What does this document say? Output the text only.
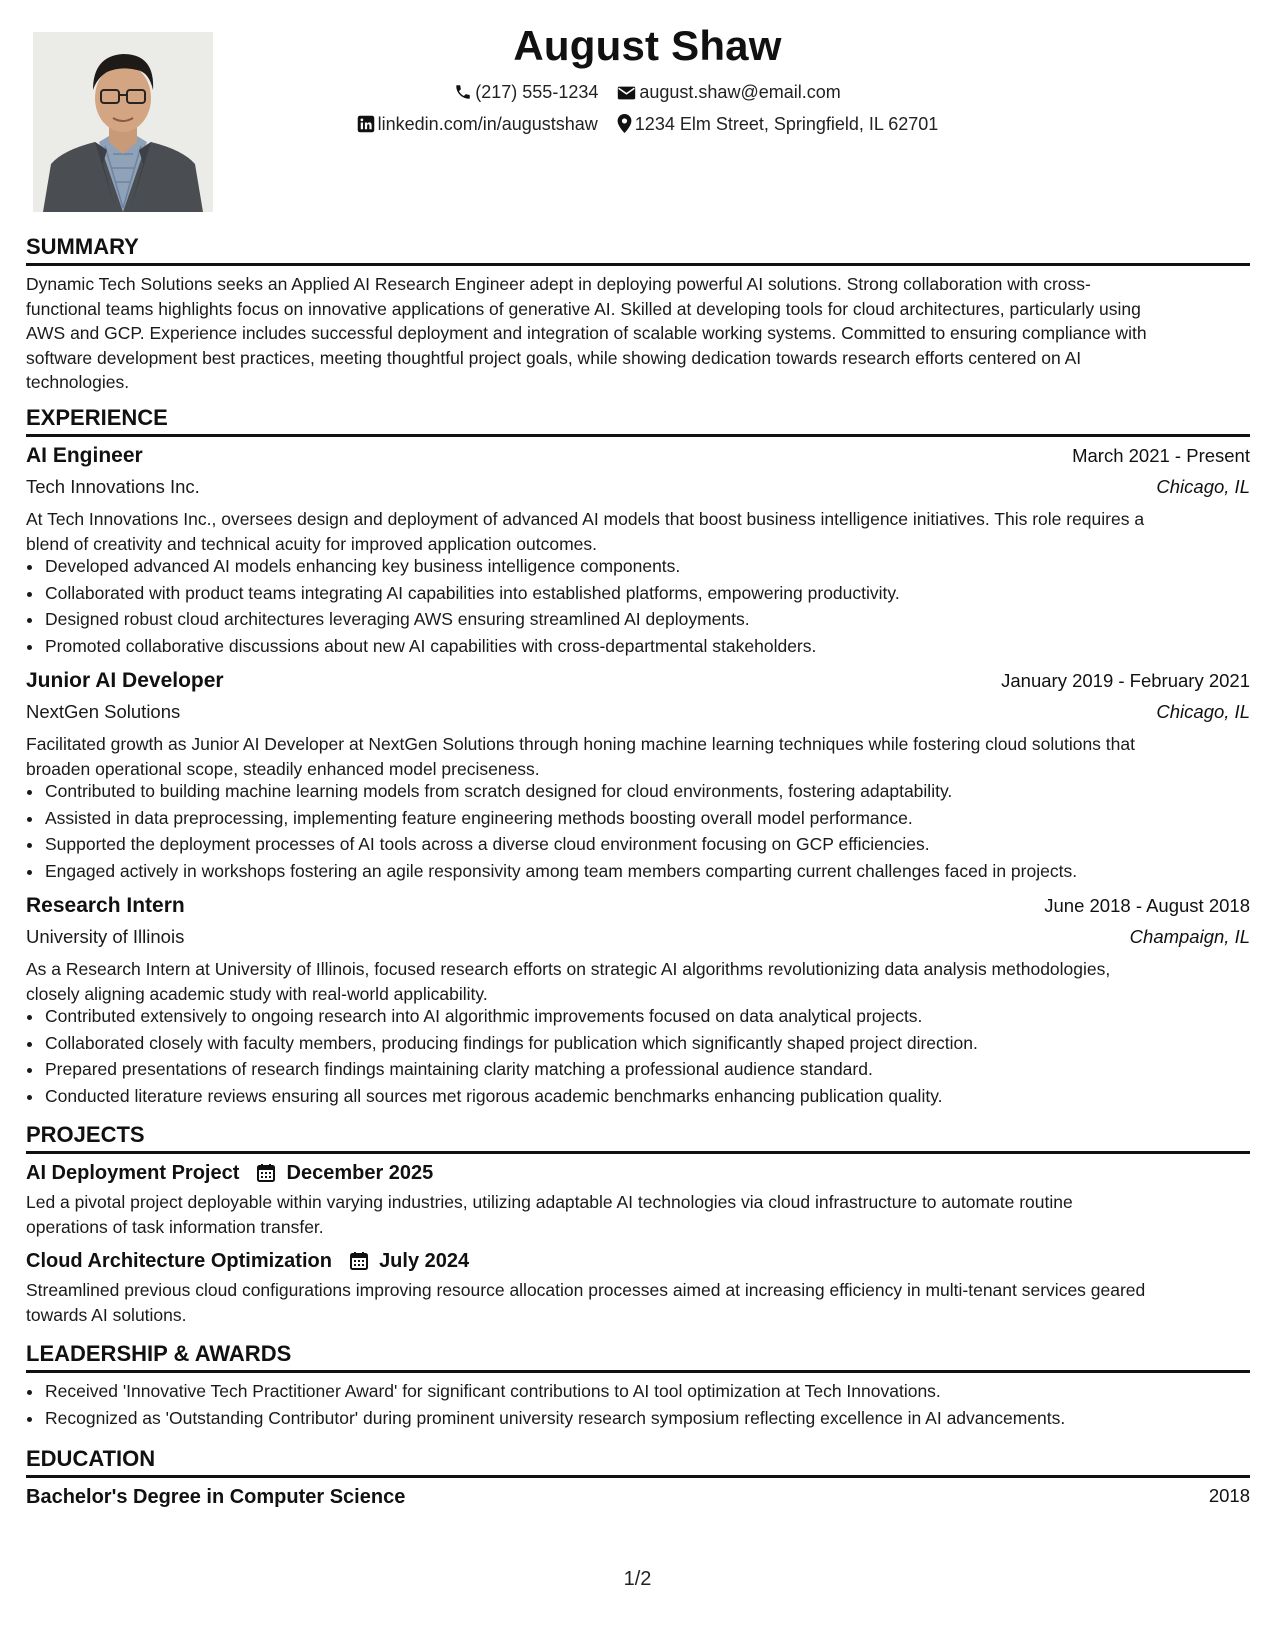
August Shaw
(217) 555-1234 august.shaw@email.com
linkedin.com/in/augustshaw 1234 Elm Street, Springfield, IL 62701
SUMMARY
Dynamic Tech Solutions seeks an Applied AI Research Engineer adept in deploying powerful AI solutions. Strong collaboration with cross-
functional teams highlights focus on innovative applications of generative AI. Skilled at developing tools for cloud architectures, particularly using
AWS and GCP. Experience includes successful deployment and integration of scalable working systems. Committed to ensuring compliance with
software development best practices, meeting thoughtful project goals, while showing dedication towards research efforts centered on AI
technologies.
EXPERIENCE
AI Engineer	March 2021 - Present
Tech Innovations Inc.	Chicago, IL
At Tech Innovations Inc., oversees design and deployment of advanced AI models that boost business intelligence initiatives. This role requires a
blend of creativity and technical acuity for improved application outcomes.
• Developed advanced AI models enhancing key business intelligence components.
• Collaborated with product teams integrating AI capabilities into established platforms, empowering productivity.
• Designed robust cloud architectures leveraging AWS ensuring streamlined AI deployments.
• Promoted collaborative discussions about new AI capabilities with cross-departmental stakeholders.
Junior AI Developer	January 2019 - February 2021
NextGen Solutions	Chicago, IL
Facilitated growth as Junior AI Developer at NextGen Solutions through honing machine learning techniques while fostering cloud solutions that
broaden operational scope, steadily enhanced model preciseness.
• Contributed to building machine learning models from scratch designed for cloud environments, fostering adaptability.
• Assisted in data preprocessing, implementing feature engineering methods boosting overall model performance.
• Supported the deployment processes of AI tools across a diverse cloud environment focusing on GCP efficiencies.
• Engaged actively in workshops fostering an agile responsivity among team members comparting current challenges faced in projects.
Research Intern	June 2018 - August 2018
University of Illinois	Champaign, IL
As a Research Intern at University of Illinois, focused research efforts on strategic AI algorithms revolutionizing data analysis methodologies,
closely aligning academic study with real-world applicability.
• Contributed extensively to ongoing research into AI algorithmic improvements focused on data analytical projects.
• Collaborated closely with faculty members, producing findings for publication which significantly shaped project direction.
• Prepared presentations of research findings maintaining clarity matching a professional audience standard.
• Conducted literature reviews ensuring all sources met rigorous academic benchmarks enhancing publication quality.
PROJECTS
AI Deployment Project December 2025
Led a pivotal project deployable within varying industries, utilizing adaptable AI technologies via cloud infrastructure to automate routine
operations of task information transfer.
Cloud Architecture Optimization July 2024
Streamlined previous cloud configurations improving resource allocation processes aimed at increasing efficiency in multi-tenant services geared
towards AI solutions.
LEADERSHIP & AWARDS
• Received 'Innovative Tech Practitioner Award' for significant contributions to AI tool optimization at Tech Innovations.
• Recognized as 'Outstanding Contributor' during prominent university research symposium reflecting excellence in AI advancements.
EDUCATION
Bachelor's Degree in Computer Science	2018
1/2
